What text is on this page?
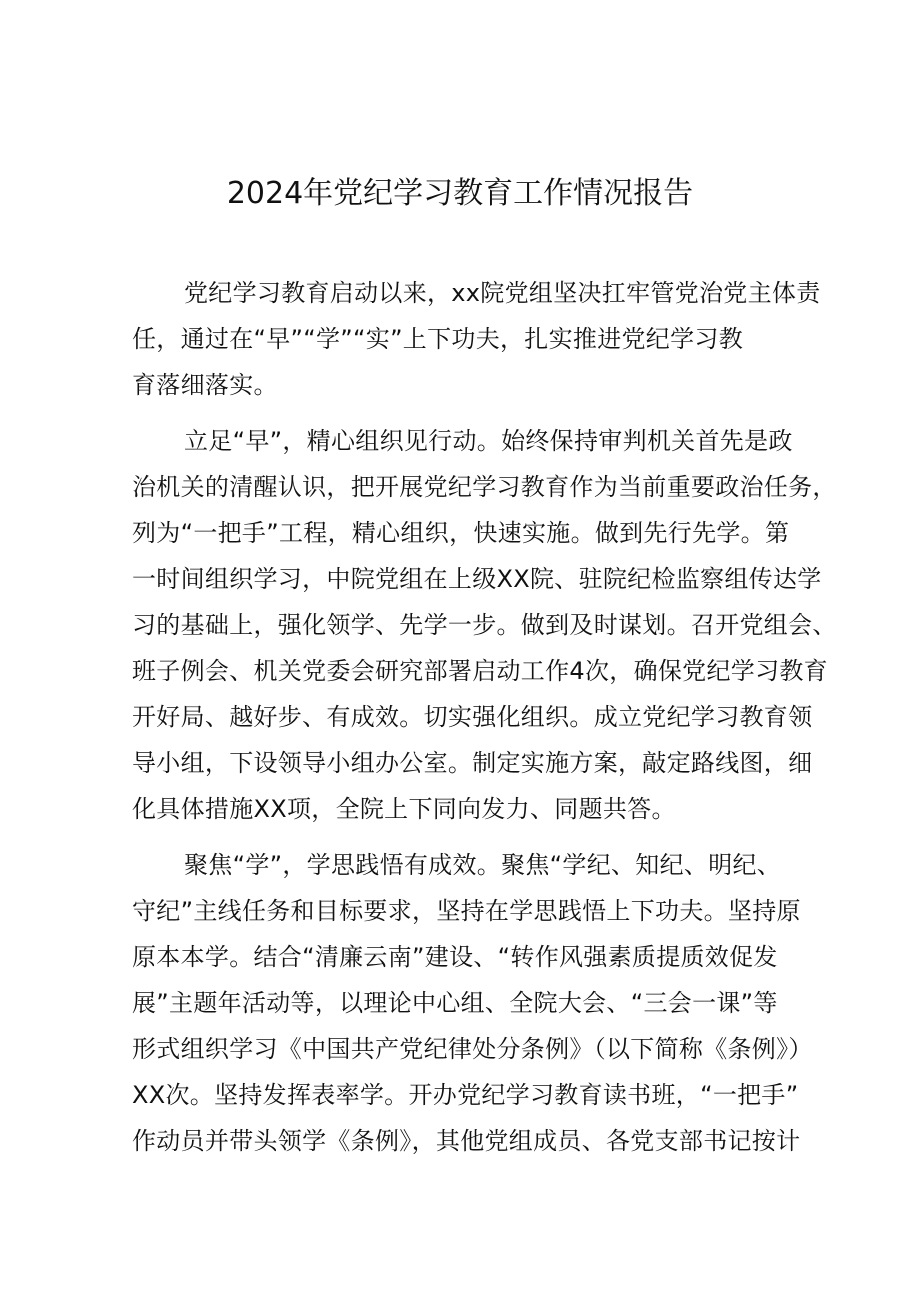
2024年党纪学习教育工作情况报告
党纪学习教育启动以来，xx院党组坚决扛牢管党治党主体责
任，通过在“早”“学”“实”上下功夫，扎实推进党纪学习教
育落细落实。
立足“早”，精心组织见行动。始终保持审判机关首先是政
治机关的清醒认识，把开展党纪学习教育作为当前重要政治任务，
列为“一把手”工程，精心组织，快速实施。做到先行先学。第
一时间组织学习，中院党组在上级XX院、驻院纪检监察组传达学
习的基础上，强化领学、先学一步。做到及时谋划。召开党组会、
班子例会、机关党委会研究部署启动工作4次，确保党纪学习教育
开好局、越好步、有成效。切实强化组织。成立党纪学习教育领
导小组，下设领导小组办公室。制定实施方案，敲定路线图，细
化具体措施XX项，全院上下同向发力、同题共答。
聚焦“学”，学思践悟有成效。聚焦“学纪、知纪、明纪、
守纪”主线任务和目标要求，坚持在学思践悟上下功夫。坚持原
原本本学。结合“清廉云南”建设、“转作风强素质提质效促发
展”主题年活动等，以理论中心组、全院大会、“三会一课”等
形式组织学习《中国共产党纪律处分条例》（以下简称《条例》）
XX次。坚持发挥表率学。开办党纪学习教育读书班，“一把手”
作动员并带头领学《条例》，其他党组成员、各党支部书记按计
